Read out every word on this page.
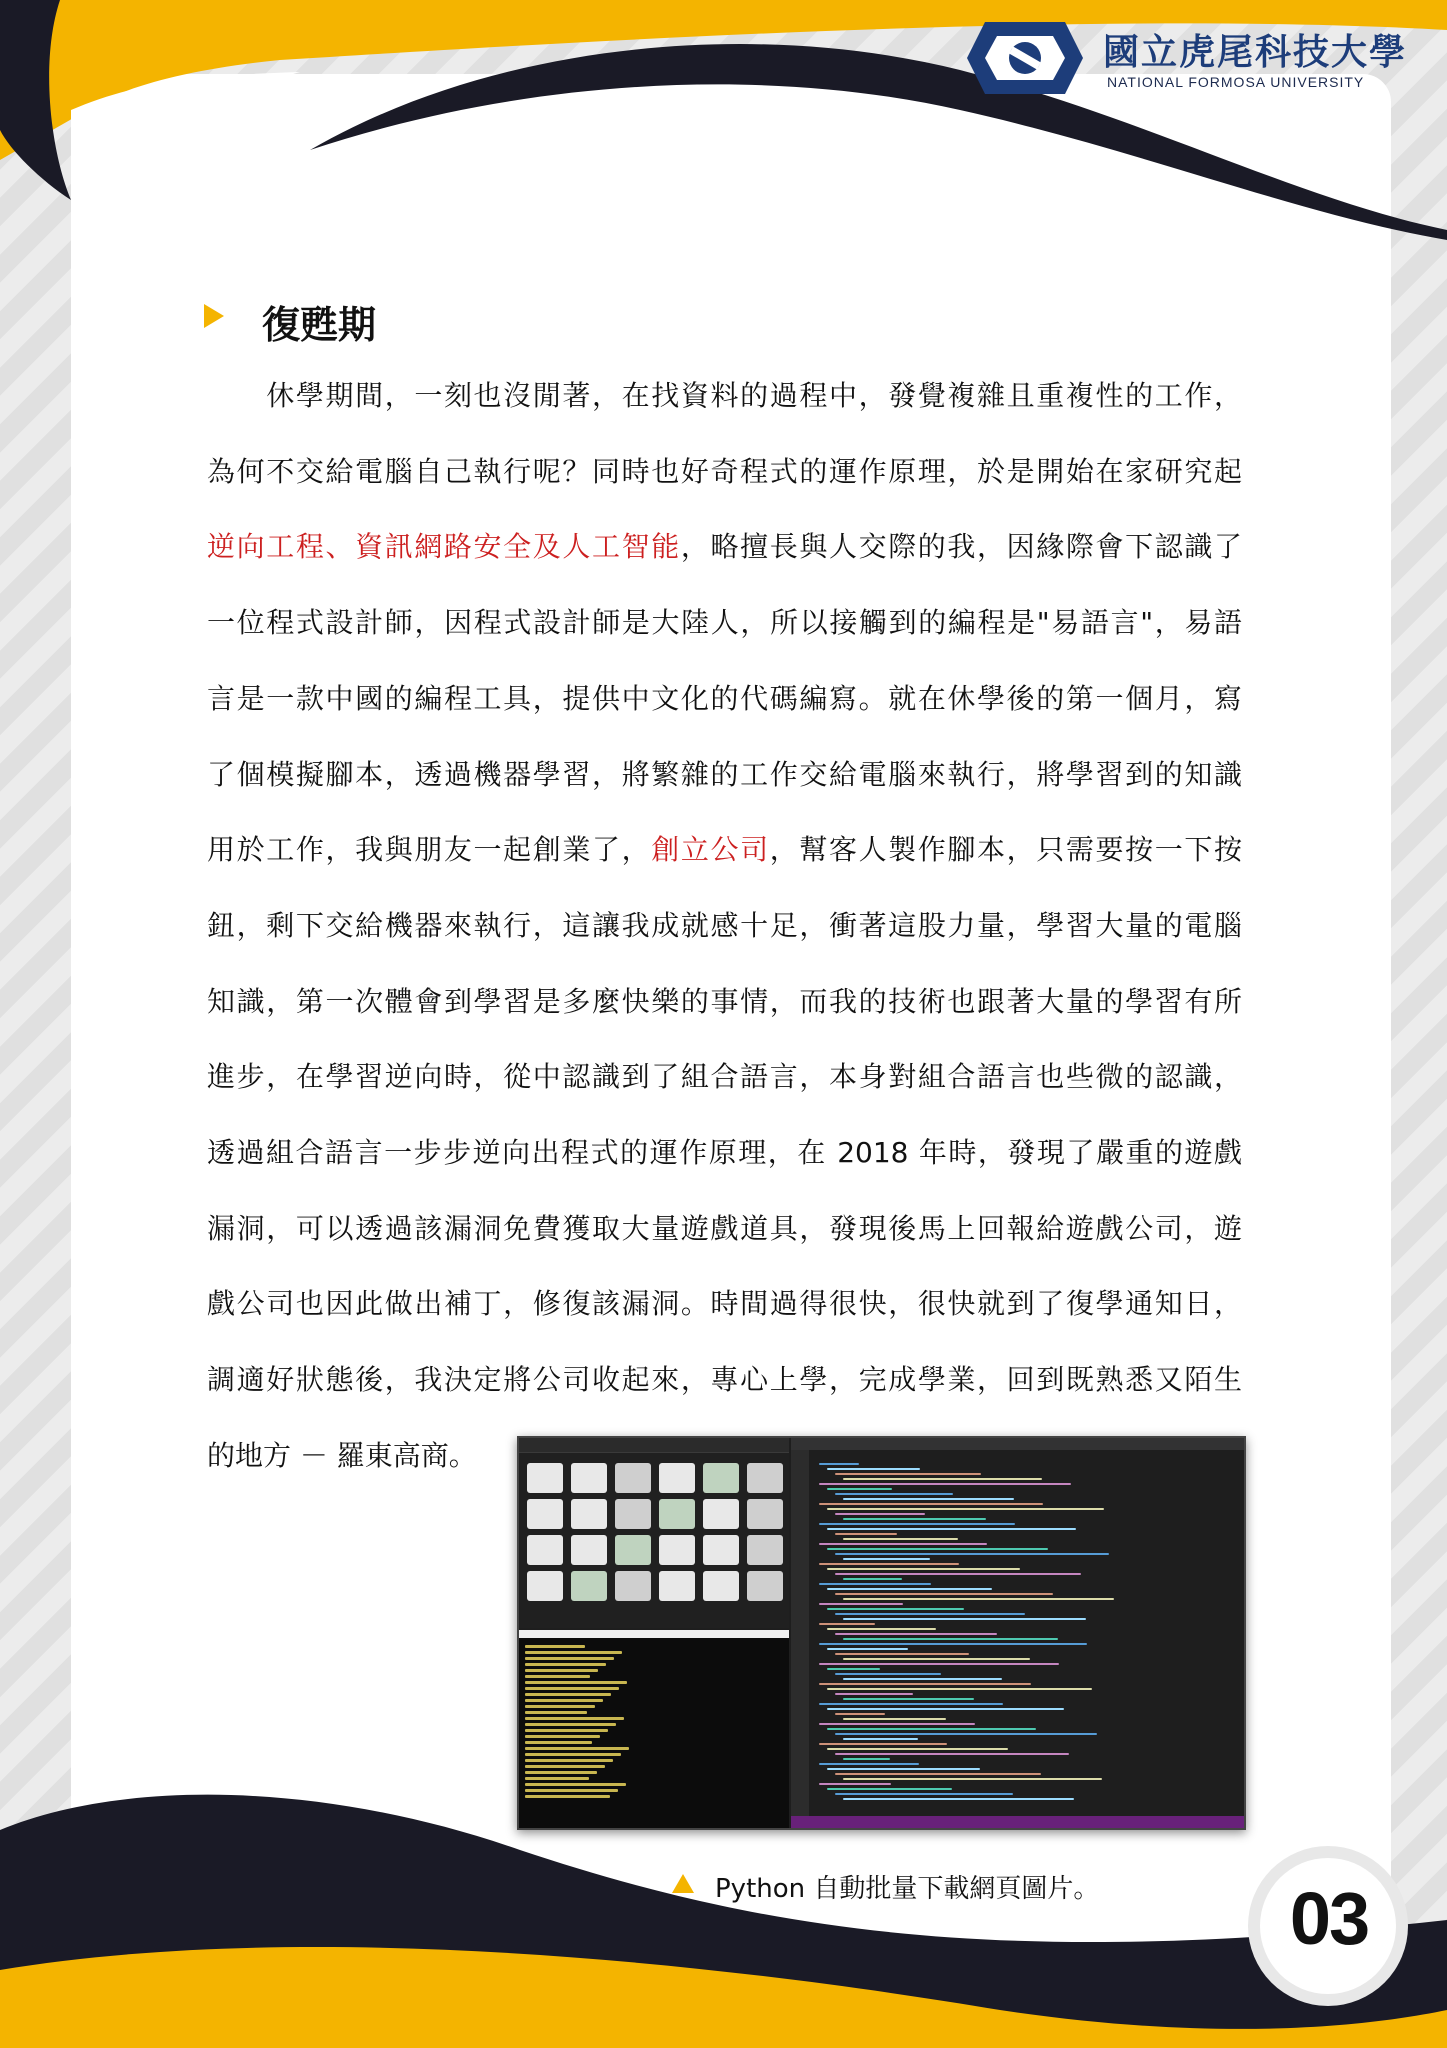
國立虎尾科技大學
NATIONAL FORMOSA UNIVERSITY
復甦期
　　休學期間，一刻也沒閒著，在找資料的過程中，發覺複雜且重複性的工作，
為何不交給電腦自己執行呢？同時也好奇程式的運作原理，於是開始在家研究起
逆向工程、資訊網路安全及人工智能，略擅長與人交際的我，因緣際會下認識了
一位程式設計師，因程式設計師是大陸人，所以接觸到的編程是"易語言"，易語
言是一款中國的編程工具，提供中文化的代碼編寫。就在休學後的第一個月，寫
了個模擬腳本，透過機器學習，將繁雜的工作交給電腦來執行，將學習到的知識
用於工作，我與朋友一起創業了，創立公司，幫客人製作腳本，只需要按一下按
鈕，剩下交給機器來執行，這讓我成就感十足，衝著這股力量，學習大量的電腦
知識，第一次體會到學習是多麼快樂的事情，而我的技術也跟著大量的學習有所
進步，在學習逆向時，從中認識到了組合語言，本身對組合語言也些微的認識，
透過組合語言一步步逆向出程式的運作原理，在 2018 年時，發現了嚴重的遊戲
漏洞，可以透過該漏洞免費獲取大量遊戲道具，發現後馬上回報給遊戲公司，遊
戲公司也因此做出補丁，修復該漏洞。時間過得很快，很快就到了復學通知日，
調適好狀態後，我決定將公司收起來，專心上學，完成學業，回到既熟悉又陌生
的地方 － 羅東高商。
Python 自動批量下載網頁圖片。	03
